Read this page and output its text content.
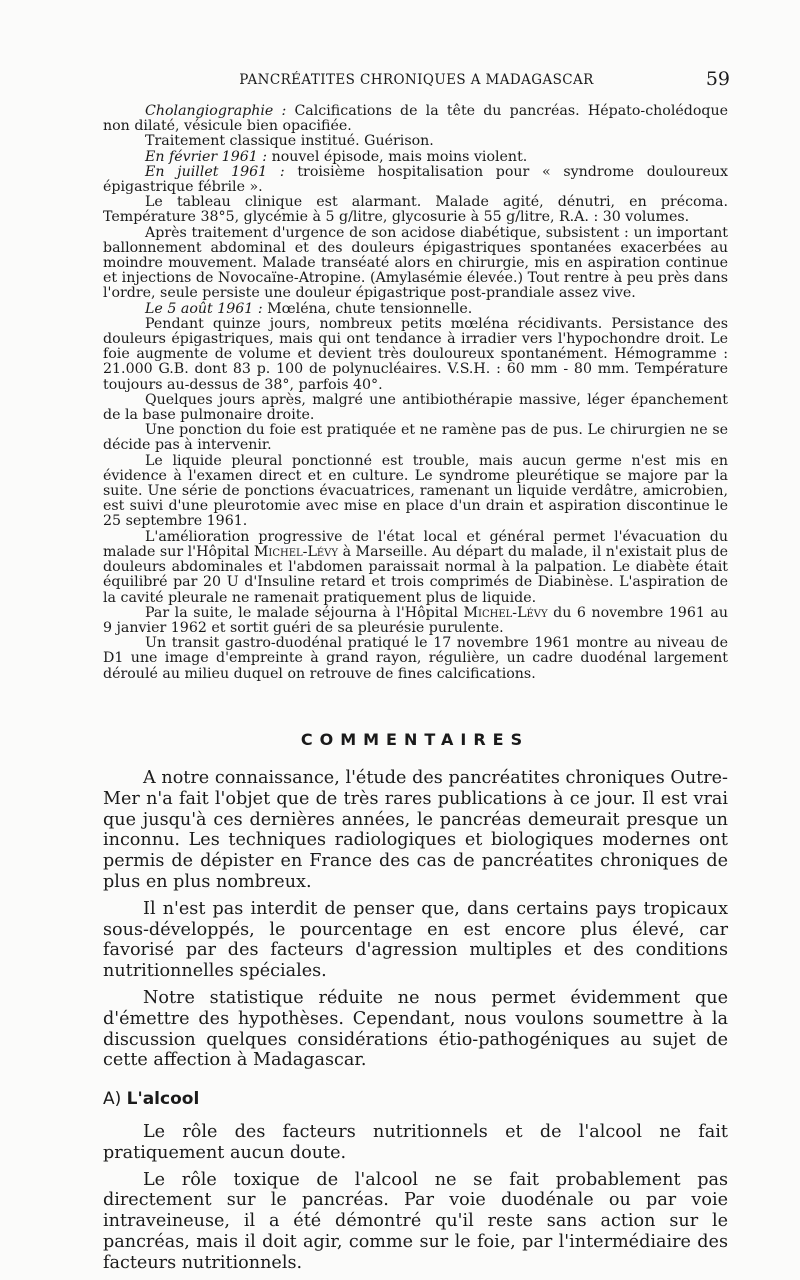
PANCRÉATITES CHRONIQUES A MADAGASCAR	59

Cholangiographie : Calcifications de la tête du pancréas. Hépato-cholédoque non dilaté, vésicule bien opacifiée.

Traitement classique institué. Guérison.

En février 1961 : nouvel épisode, mais moins violent.

En juillet 1961 : troisième hospitalisation pour « syndrome douloureux épigastrique fébrile ».

Le tableau clinique est alarmant. Malade agité, dénutri, en précoma. Température 38°5, glycémie à 5 g/litre, glycosurie à 55 g/litre, R.A. : 30 volumes.

Après traitement d'urgence de son acidose diabétique, subsistent : un important ballonnement abdominal et des douleurs épigastriques spontanées exacerbées au moindre mouvement. Malade transéaté alors en chirurgie, mis en aspiration continue et injections de Novocaïne-Atropine. (Amylasémie élevée.) Tout rentre à peu près dans l'ordre, seule persiste une douleur épigastrique post-prandiale assez vive.

Le 5 août 1961 : Mœléna, chute tensionnelle.

Pendant quinze jours, nombreux petits mœléna récidivants. Persistance des douleurs épigastriques, mais qui ont tendance à irradier vers l'hypochondre droit. Le foie augmente de volume et devient très douloureux spontanément. Hémogramme : 21.000 G.B. dont 83 p. 100 de polynucléaires. V.S.H. : 60 mm - 80 mm. Température toujours au-dessus de 38°, parfois 40°.

Quelques jours après, malgré une antibiothérapie massive, léger épanchement de la base pulmonaire droite.

Une ponction du foie est pratiquée et ne ramène pas de pus. Le chirurgien ne se décide pas à intervenir.

Le liquide pleural ponctionné est trouble, mais aucun germe n'est mis en évidence à l'examen direct et en culture. Le syndrome pleurétique se majore par la suite. Une série de ponctions évacuatrices, ramenant un liquide verdâtre, amicrobien, est suivi d'une pleurotomie avec mise en place d'un drain et aspiration discontinue le 25 septembre 1961.

L'amélioration progressive de l'état local et général permet l'évacuation du malade sur l'Hôpital Michel-Lévy à Marseille. Au départ du malade, il n'existait plus de douleurs abdominales et l'abdomen paraissait normal à la palpation. Le diabète était équilibré par 20 U d'Insuline retard et trois comprimés de Diabinèse. L'aspiration de la cavité pleurale ne ramenait pratiquement plus de liquide.

Par la suite, le malade séjourna à l'Hôpital Michel-Lévy du 6 novembre 1961 au 9 janvier 1962 et sortit guéri de sa pleurésie purulente.

Un transit gastro-duodénal pratiqué le 17 novembre 1961 montre au niveau de D1 une image d'empreinte à grand rayon, régulière, un cadre duodénal largement déroulé au milieu duquel on retrouve de fines calcifications.

COMMENTAIRES

A notre connaissance, l'étude des pancréatites chroniques Outre-Mer n'a fait l'objet que de très rares publications à ce jour. Il est vrai que jusqu'à ces dernières années, le pancréas demeurait presque un inconnu. Les techniques radiologiques et biologiques modernes ont permis de dépister en France des cas de pancréatites chroniques de plus en plus nombreux.

Il n'est pas interdit de penser que, dans certains pays tropicaux sous-développés, le pourcentage en est encore plus élevé, car favorisé par des facteurs d'agression multiples et des conditions nutritionnelles spéciales.

Notre statistique réduite ne nous permet évidemment que d'émettre des hypothèses. Cependant, nous voulons soumettre à la discussion quelques considérations étio-pathogéniques au sujet de cette affection à Madagascar.

A) L'alcool

Le rôle des facteurs nutritionnels et de l'alcool ne fait pratiquement aucun doute.

Le rôle toxique de l'alcool ne se fait probablement pas directement sur le pancréas. Par voie duodénale ou par voie intraveineuse, il a été démontré qu'il reste sans action sur le pancréas, mais il doit agir, comme sur le foie, par l'intermédiaire des facteurs nutritionnels.
